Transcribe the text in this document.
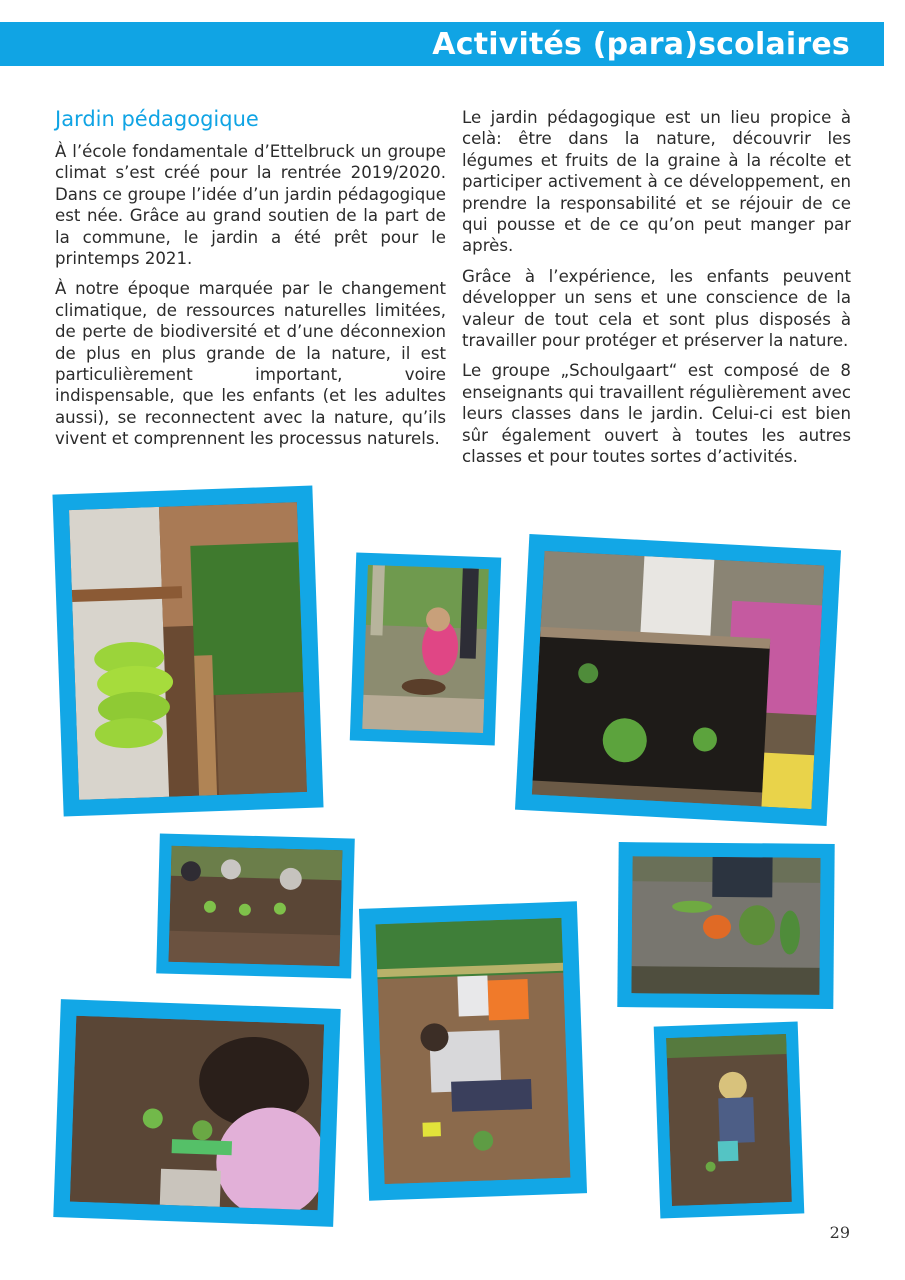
Activités (para)scolaires
Jardin pédagogique

À l’école fondamentale d’Ettelbruck un groupe climat s’est créé pour la rentrée 2019/2020. Dans ce groupe l’idée d’un jardin pédagogique est née. Grâce au grand soutien de la part de la commune, le jardin a été prêt pour le printemps 2021.

À notre époque marquée par le changement climatique, de ressources naturelles limitées, de perte de biodiversité et d’une déconnexion de plus en plus grande de la nature, il est particulièrement important, voire indispensable, que les enfants (et les adultes aussi), se reconnectent avec la nature, qu’ils vivent et comprennent les processus naturels.

Le jardin pédagogique est un lieu propice à celà: être dans la nature, découvrir les légumes et fruits de la graine à la récolte et participer activement à ce développement, en prendre la responsabilité et se réjouir de ce qui pousse et de ce qu’on peut manger par après.

Grâce à l’expérience, les enfants peuvent développer un sens et une conscience de la valeur de tout cela et sont plus disposés à travailler pour protéger et préserver la nature.

Le groupe „Schoulgaart“ est composé de 8 enseignants qui travaillent régulièrement avec leurs classes dans le jardin. Celui-ci est bien sûr également ouvert à toutes les autres classes et pour toutes sortes d’activités.

29
